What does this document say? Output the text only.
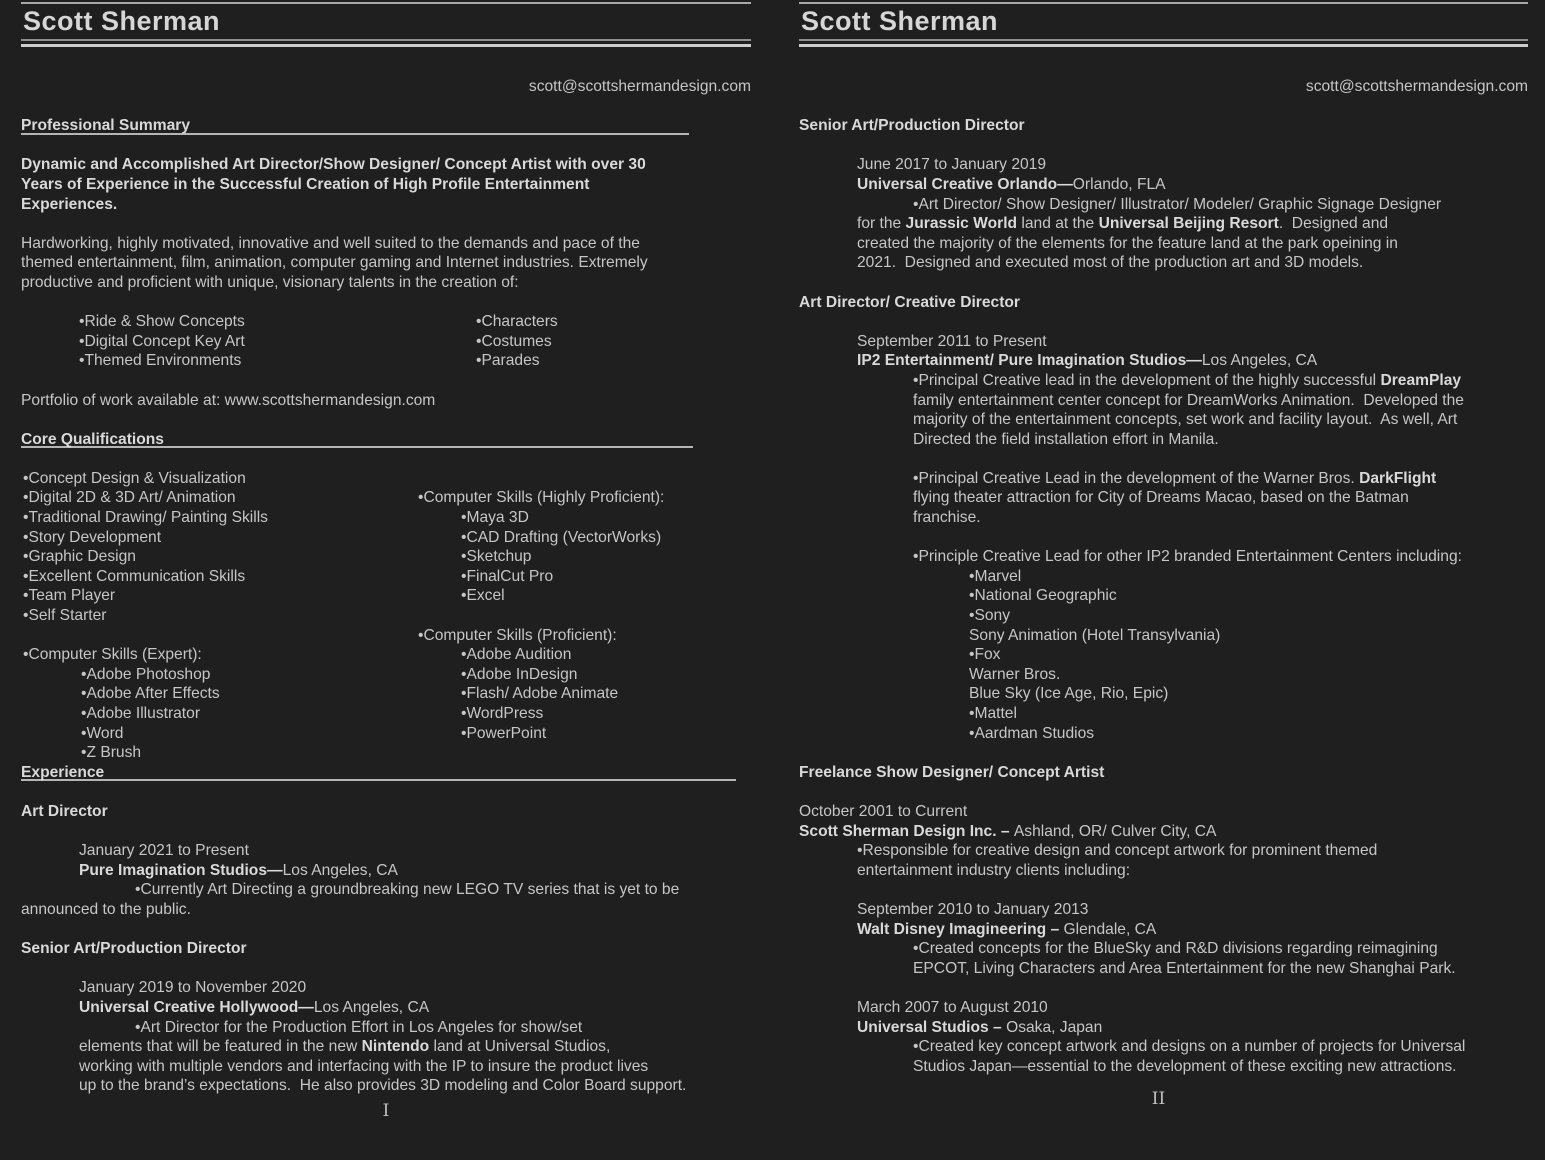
Scott Sherman
scott@scottshermandesign.com
Professional Summary
Dynamic and Accomplished Art Director/Show Designer/ Concept Artist with over 30
Years of Experience in the Successful Creation of High Profile Entertainment
Experiences.
Hardworking, highly motivated, innovative and well suited to the demands and pace of the
themed entertainment, film, animation, computer gaming and Internet industries. Extremely
productive and proficient with unique, visionary talents in the creation of:
•Ride & Show Concepts
•Digital Concept Key Art
•Themed Environments
•Characters
•Costumes
•Parades
Portfolio of work available at: www.scottshermandesign.com
Core Qualifications
•Concept Design & Visualization
•Digital 2D & 3D Art/ Animation
•Traditional Drawing/ Painting Skills
•Story Development
•Graphic Design
•Excellent Communication Skills
•Team Player
•Self Starter
•Computer Skills (Expert):
•Adobe Photoshop
•Adobe After Effects
•Adobe Illustrator
•Word
•Z Brush
•Computer Skills (Highly Proficient):
•Maya 3D
•CAD Drafting (VectorWorks)
•Sketchup
•FinalCut Pro
•Excel
•Computer Skills (Proficient):
•Adobe Audition
•Adobe InDesign
•Flash/ Adobe Animate
•WordPress
•PowerPoint
Experience
Art Director
January 2021 to Present
Pure Imagination Studios—Los Angeles, CA
•Currently Art Directing a groundbreaking new LEGO TV series that is yet to be
announced to the public.
Senior Art/Production Director
January 2019 to November 2020
Universal Creative Hollywood—Los Angeles, CA
•Art Director for the Production Effort in Los Angeles for show/set
elements that will be featured in the new Nintendo land at Universal Studios,
working with multiple vendors and interfacing with the IP to insure the product lives
up to the brand’s expectations.  He also provides 3D modeling and Color Board support.
I
Scott Sherman
scott@scottshermandesign.com
Senior Art/Production Director
June 2017 to January 2019
Universal Creative Orlando—Orlando, FLA
•Art Director/ Show Designer/ Illustrator/ Modeler/ Graphic Signage Designer
for the Jurassic World land at the Universal Beijing Resort.  Designed and
created the majority of the elements for the feature land at the park opeining in
2021.  Designed and executed most of the production art and 3D models.
Art Director/ Creative Director
September 2011 to Present
IP2 Entertainment/ Pure Imagination Studios—Los Angeles, CA
•Principal Creative lead in the development of the highly successful DreamPlay
family entertainment center concept for DreamWorks Animation.  Developed the
majority of the entertainment concepts, set work and facility layout.  As well, Art
Directed the field installation effort in Manila.
•Principal Creative Lead in the development of the Warner Bros. DarkFlight
flying theater attraction for City of Dreams Macao, based on the Batman
franchise.
•Principle Creative Lead for other IP2 branded Entertainment Centers including:
•Marvel
•National Geographic
•Sony
Sony Animation (Hotel Transylvania)
•Fox
Warner Bros.
Blue Sky (Ice Age, Rio, Epic)
•Mattel
•Aardman Studios
Freelance Show Designer/ Concept Artist
October 2001 to Current
Scott Sherman Design Inc. – Ashland, OR/ Culver City, CA
•Responsible for creative design and concept artwork for prominent themed
entertainment industry clients including:
September 2010 to January 2013
Walt Disney Imagineering – Glendale, CA
•Created concepts for the BlueSky and R&D divisions regarding reimagining
EPCOT, Living Characters and Area Entertainment for the new Shanghai Park.
March 2007 to August 2010
Universal Studios – Osaka, Japan
•Created key concept artwork and designs on a number of projects for Universal
Studios Japan—essential to the development of these exciting new attractions.
II
